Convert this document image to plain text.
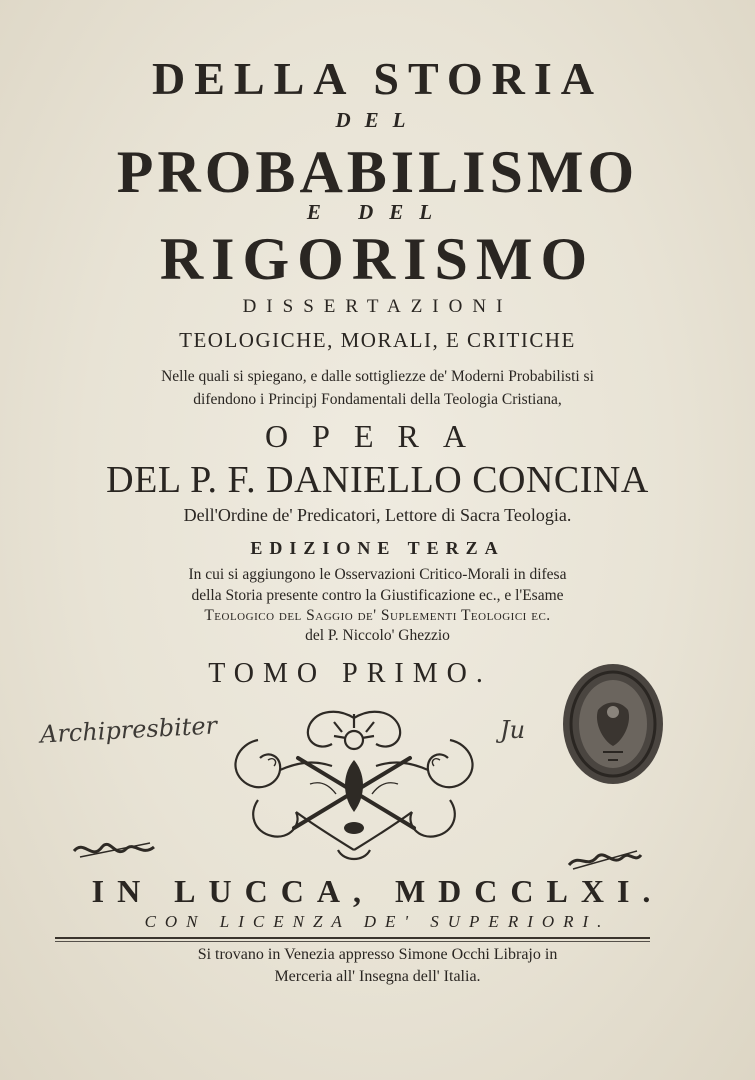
DELLA STORIA
DEL
PROBABILISMO
E DEL
RIGORISMO
DISSERTAZIONI
TEOLOGICHE, MORALI, E CRITICHE
Nelle quali si spiegano, e dalle sottigliezze de' Moderni Probabilisti si
difendono i Principj Fondamentali della Teologia Cristiana,
OPERA
DEL P. F. DANIELLO CONCINA
Dell'Ordine de' Predicatori, Lettore di Sacra Teologia.
EDIZIONE TERZA
In cui si aggiungono le Osservazioni Critico-Morali in difesa
della Storia presente contro la Giustificazione ec., e l'Esame
Teologico del Saggio de' Suplementi Teologici ec.
del P. Niccolo' Ghezzio
TOMO PRIMO.
Archipresbiter	Ju
IN LUCCA, MDCCLXI.
CON LICENZA DE' SUPERIORI.
Si trovano in Venezia appresso Simone Occhi Librajo in
Merceria all' Insegna dell' Italia.
